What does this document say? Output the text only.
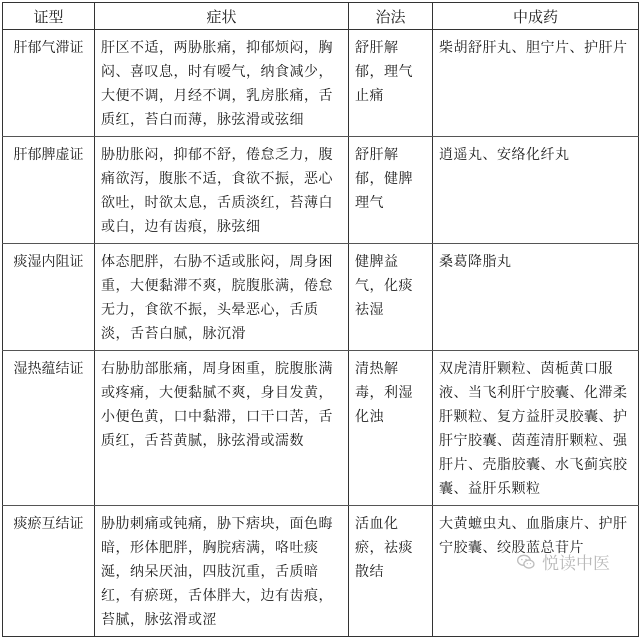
证型	症状	治法	中成药
肝郁气滞证	肝区不适，两胁胀痛，抑郁烦闷，胸闷、喜叹息，时有嗳气，纳食减少，大便不调，月经不调，乳房胀痛，舌质红，苔白而薄，脉弦滑或弦细	舒肝解郁，理气止痛	柴胡舒肝丸、胆宁片、护肝片
肝郁脾虚证	胁肋胀闷，抑郁不舒，倦怠乏力，腹痛欲泻，腹胀不适，食欲不振，恶心欲吐，时欲太息，舌质淡红，苔薄白或白，边有齿痕，脉弦细	舒肝解郁，健脾理气	逍遥丸、安络化纤丸
痰湿内阻证	体态肥胖，右胁不适或胀闷，周身困重，大便黏滞不爽，脘腹胀满，倦怠无力，食欲不振，头晕恶心，舌质淡，舌苔白腻，脉沉滑	健脾益气，化痰祛湿	桑葛降脂丸
湿热蕴结证	右胁肋部胀痛，周身困重，脘腹胀满或疼痛，大便黏腻不爽，身目发黄，小便色黄，口中黏滞，口干口苦，舌质红，舌苔黄腻，脉弦滑或濡数	清热解毒，利湿化浊	双虎清肝颗粒、茵栀黄口服液、当飞利肝宁胶囊、化滞柔肝颗粒、复方益肝灵胶囊、护肝宁胶囊、茵莲清肝颗粒、强肝片、壳脂胶囊、水飞蓟宾胶囊、益肝乐颗粒
痰瘀互结证	胁肋刺痛或钝痛，胁下痞块，面色晦暗，形体肥胖，胸脘痞满，咯吐痰涎，纳呆厌油，四肢沉重，舌质暗红，有瘀斑，舌体胖大，边有齿痕，苔腻，脉弦滑或涩	活血化瘀，祛痰散结	大黄蟅虫丸、血脂康片、护肝宁胶囊、绞股蓝总苷片
悦读中医
